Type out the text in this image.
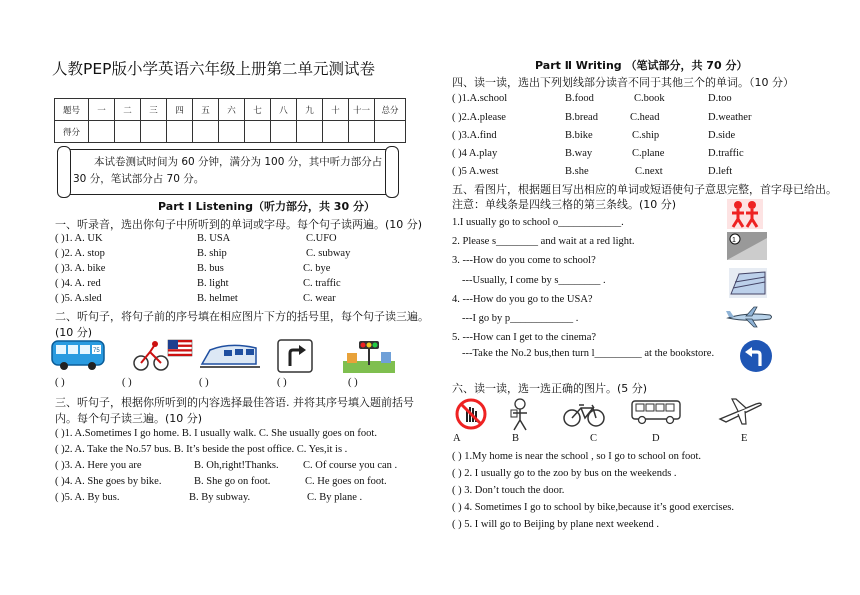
人教PEP版小学英语六年级上册第二单元测试卷
题号	一	二	三	四	五	六	七	八	九	十	十一	总分
得分												
本试卷测试时间为 60 分钟，满分为 100 分，其中听力部分占 30 分，笔试部分占 70 分。
Part Ⅰ Listening（听力部分，共 30 分）
一、听录音，选出你句子中所听到的单词或字母。每个句子读两遍。(10 分)
( )1. A. UK	B. USA	C.UFO
( )2. A. stop	B. ship	C. subway
( )3. A. bike	B. bus	C. bye
( )4. A. red	B. light	C. traffic
( )5. A.sled	B. helmet	C. wear
二、听句子，将句子前的序号填在相应图片下方的括号里，每个句子读三遍。
(10 分)
75
( )	( )	( )	( )	( )
三、听句子，根据你所听到的内容选择最佳答语. 并将其序号填入题前括号
内。每个句子读三遍。(10 分)
( )1. A.Sometimes I go home. B. I usually walk. C. She usually goes on foot.
( )2. A. Take the No.57 bus. B. It’s beside the post office. C. Yes,it is .
( )3. A. Here you are	B. Oh,right!Thanks. C. Of course you can .
( )4. A. She goes by bike.	B. She go on foot.	C. He goes on foot.
( )5. A. By bus.	B. By subway.	C. By plane .
Part Ⅱ Writing （笔试部分，共 70 分）
四、读一读，选出下列划线部分读音不同于其他三个的单词。（10 分）
( )1.A.school	B.food	C.book	D.too
( )2.A.please	B.bread	C.head	D.weather
( )3.A.find	B.bike	C.ship	D.side
( )4 A.play	B.way	C.plane	D.traffic
( )5 A.west	B.she	C.next	D.left
五、看图片，根据题目写出相应的单词或短语使句子意思完整，首字母已给出。
注意：单线条是四线三格的第三条线。(10 分)
1.I usually go to school o____________.
2. Please s________ and wait at a red light.
3. ---How do you come to school?
---Usually, I come by s________ .
4. ---How do you go to the USA?
---I go by p____________ .
5. ---How can I get to the cinema?
---Take the No.2 bus,then turn l_________ at the bookstore.
1
六、读一读，选一选正确的图片。(5 分)
A	B	C	D	E
( ) 1.My home is near the school , so I go to school on foot.
( ) 2. I usually go to the zoo by bus on the weekends .
( ) 3. Don’t touch the door.
( ) 4. Sometimes I go to school by bike,because it’s good exercises.
( ) 5. I will go to Beijing by plane next weekend .
